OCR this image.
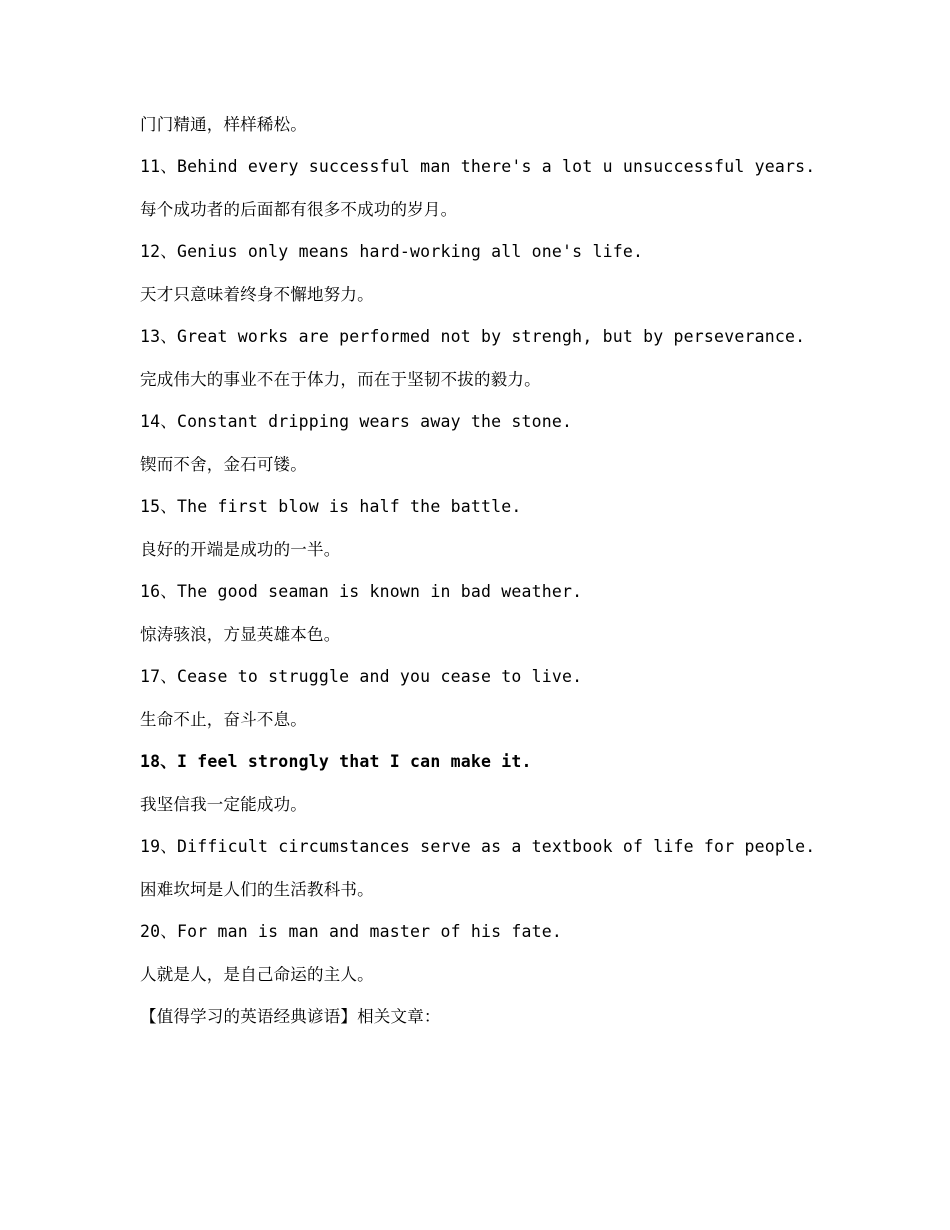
门门精通，样样稀松。
11、Behind every successful man there's a lot u unsuccessful years.
每个成功者的后面都有很多不成功的岁月。
12、Genius only means hard-working all one's life.
天才只意味着终身不懈地努力。
13、Great works are performed not by strengh, but by perseverance.
完成伟大的事业不在于体力，而在于坚韧不拔的毅力。
14、Constant dripping wears away the stone.
锲而不舍，金石可镂。
15、The first blow is half the battle.
良好的开端是成功的一半。
16、The good seaman is known in bad weather.
惊涛骇浪，方显英雄本色。
17、Cease to struggle and you cease to live.
生命不止，奋斗不息。
18、I feel strongly that I can make it.
我坚信我一定能成功。
19、Difficult circumstances serve as a textbook of life for people.
困难坎坷是人们的生活教科书。
20、For man is man and master of his fate.
人就是人，是自己命运的主人。
【值得学习的英语经典谚语】相关文章：
